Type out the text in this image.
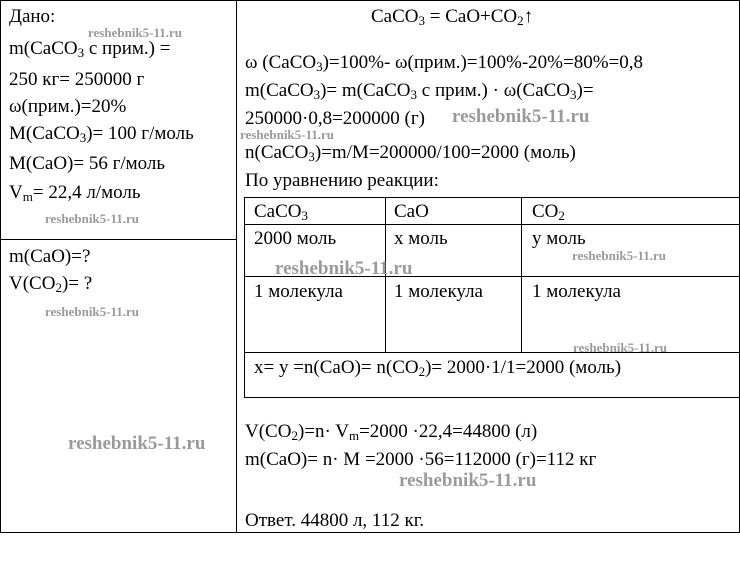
Дано:
m(CaCO$_3$ с прим.) =
250 кг= 250000 г
ω(прим.)=20%
M(CaCO$_3$)= 100 г/моль
M(CaO)= 56 г/моль
$V_m= 22,4$ л/моль
m(CaO)=?
$V(CO_2)=$ ?
CaCO$_3$ = $CaO+CO_2↑$
ω (CaCO$_3$)=100%- ω(прим.)=100%-20%=80%=0,8
m(CaCO$_3$)= m(CaCO$_3$ с прим.) · ω(CaCO$_3$)=
250000·0,8=200000 (г)
n(CaCO$_3$)=m/M=200000/100=2000 (моль)
По уравнению реакции:
CaCO$_3$	CaO	$CO_2$
2000 моль	x моль	y моль
1 молекула	1 молекула	1 молекула
$x= y =n(CaO)= n(CO_2)= 2000\cdot 1/1=2000$ (моль)
$V(CO_2)=n\cdot V_m=2000 \cdot 22,4=44800$ (л)
m(CaO)= n· M =2000 ·56=112000 (г)=112 кг
Ответ. 44800 л, 112 кг.
reshebnik5-11.ru
reshebnik5-11.ru
reshebnik5-11.ru
reshebnik5-11.ru
reshebnik5-11.ru
reshebnik5-11.ru
reshebnik5-11.ru
reshebnik5-11.ru
reshebnik5-11.ru
reshebnik5-11.ru
